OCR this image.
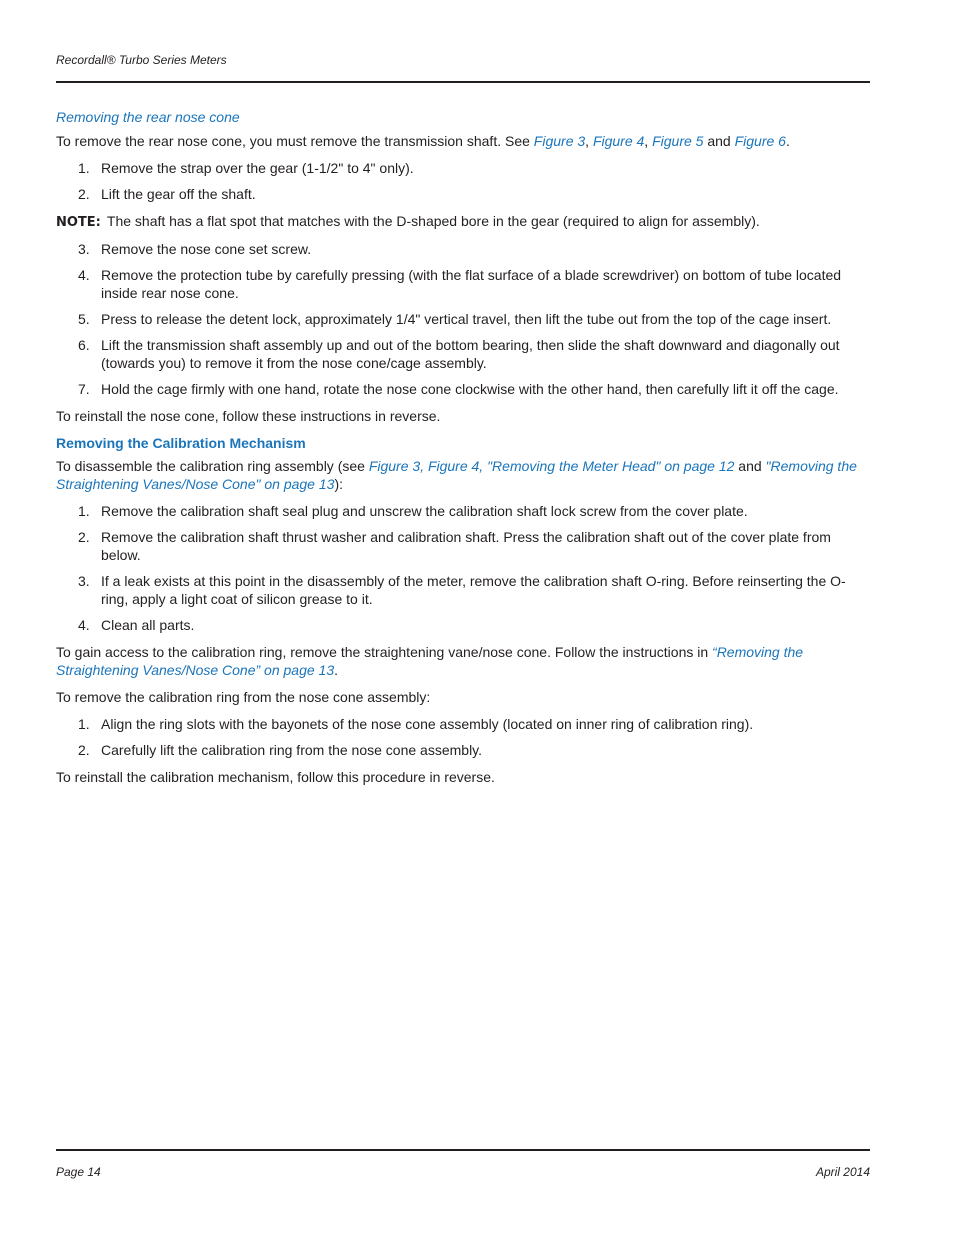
Recordall® Turbo Series Meters
Removing the rear nose cone

To remove the rear nose cone, you must remove the transmission shaft. See Figure 3, Figure 4, Figure 5 and Figure 6.

1. Remove the strap over the gear (1-1/2" to 4" only).
2. Lift the gear off the shaft.
NOTE: The shaft has a flat spot that matches with the D-shaped bore in the gear (required to align for assembly).
3. Remove the nose cone set screw.
4. Remove the protection tube by carefully pressing (with the flat surface of a blade screwdriver) on bottom of tube located inside rear nose cone.
5. Press to release the detent lock, approximately 1/4" vertical travel, then lift the tube out from the top of the cage insert.
6. Lift the transmission shaft assembly up and out of the bottom bearing, then slide the shaft downward and diagonally out (towards you) to remove it from the nose cone/cage assembly.
7. Hold the cage firmly with one hand, rotate the nose cone clockwise with the other hand, then carefully lift it off the cage.

To reinstall the nose cone, follow these instructions in reverse.

Removing the Calibration Mechanism

To disassemble the calibration ring assembly (see Figure 3, Figure 4, "Removing the Meter Head" on page 12 and "Removing the Straightening Vanes/Nose Cone" on page 13):

1. Remove the calibration shaft seal plug and unscrew the calibration shaft lock screw from the cover plate.
2. Remove the calibration shaft thrust washer and calibration shaft. Press the calibration shaft out of the cover plate from below.
3. If a leak exists at this point in the disassembly of the meter, remove the calibration shaft O-ring. Before reinserting the O-ring, apply a light coat of silicon grease to it.
4. Clean all parts.

To gain access to the calibration ring, remove the straightening vane/nose cone. Follow the instructions in “Removing the Straightening Vanes/Nose Cone” on page 13.

To remove the calibration ring from the nose cone assembly:

1. Align the ring slots with the bayonets of the nose cone assembly (located on inner ring of calibration ring).
2. Carefully lift the calibration ring from the nose cone assembly.

To reinstall the calibration mechanism, follow this procedure in reverse.

Page 14	April 2014
